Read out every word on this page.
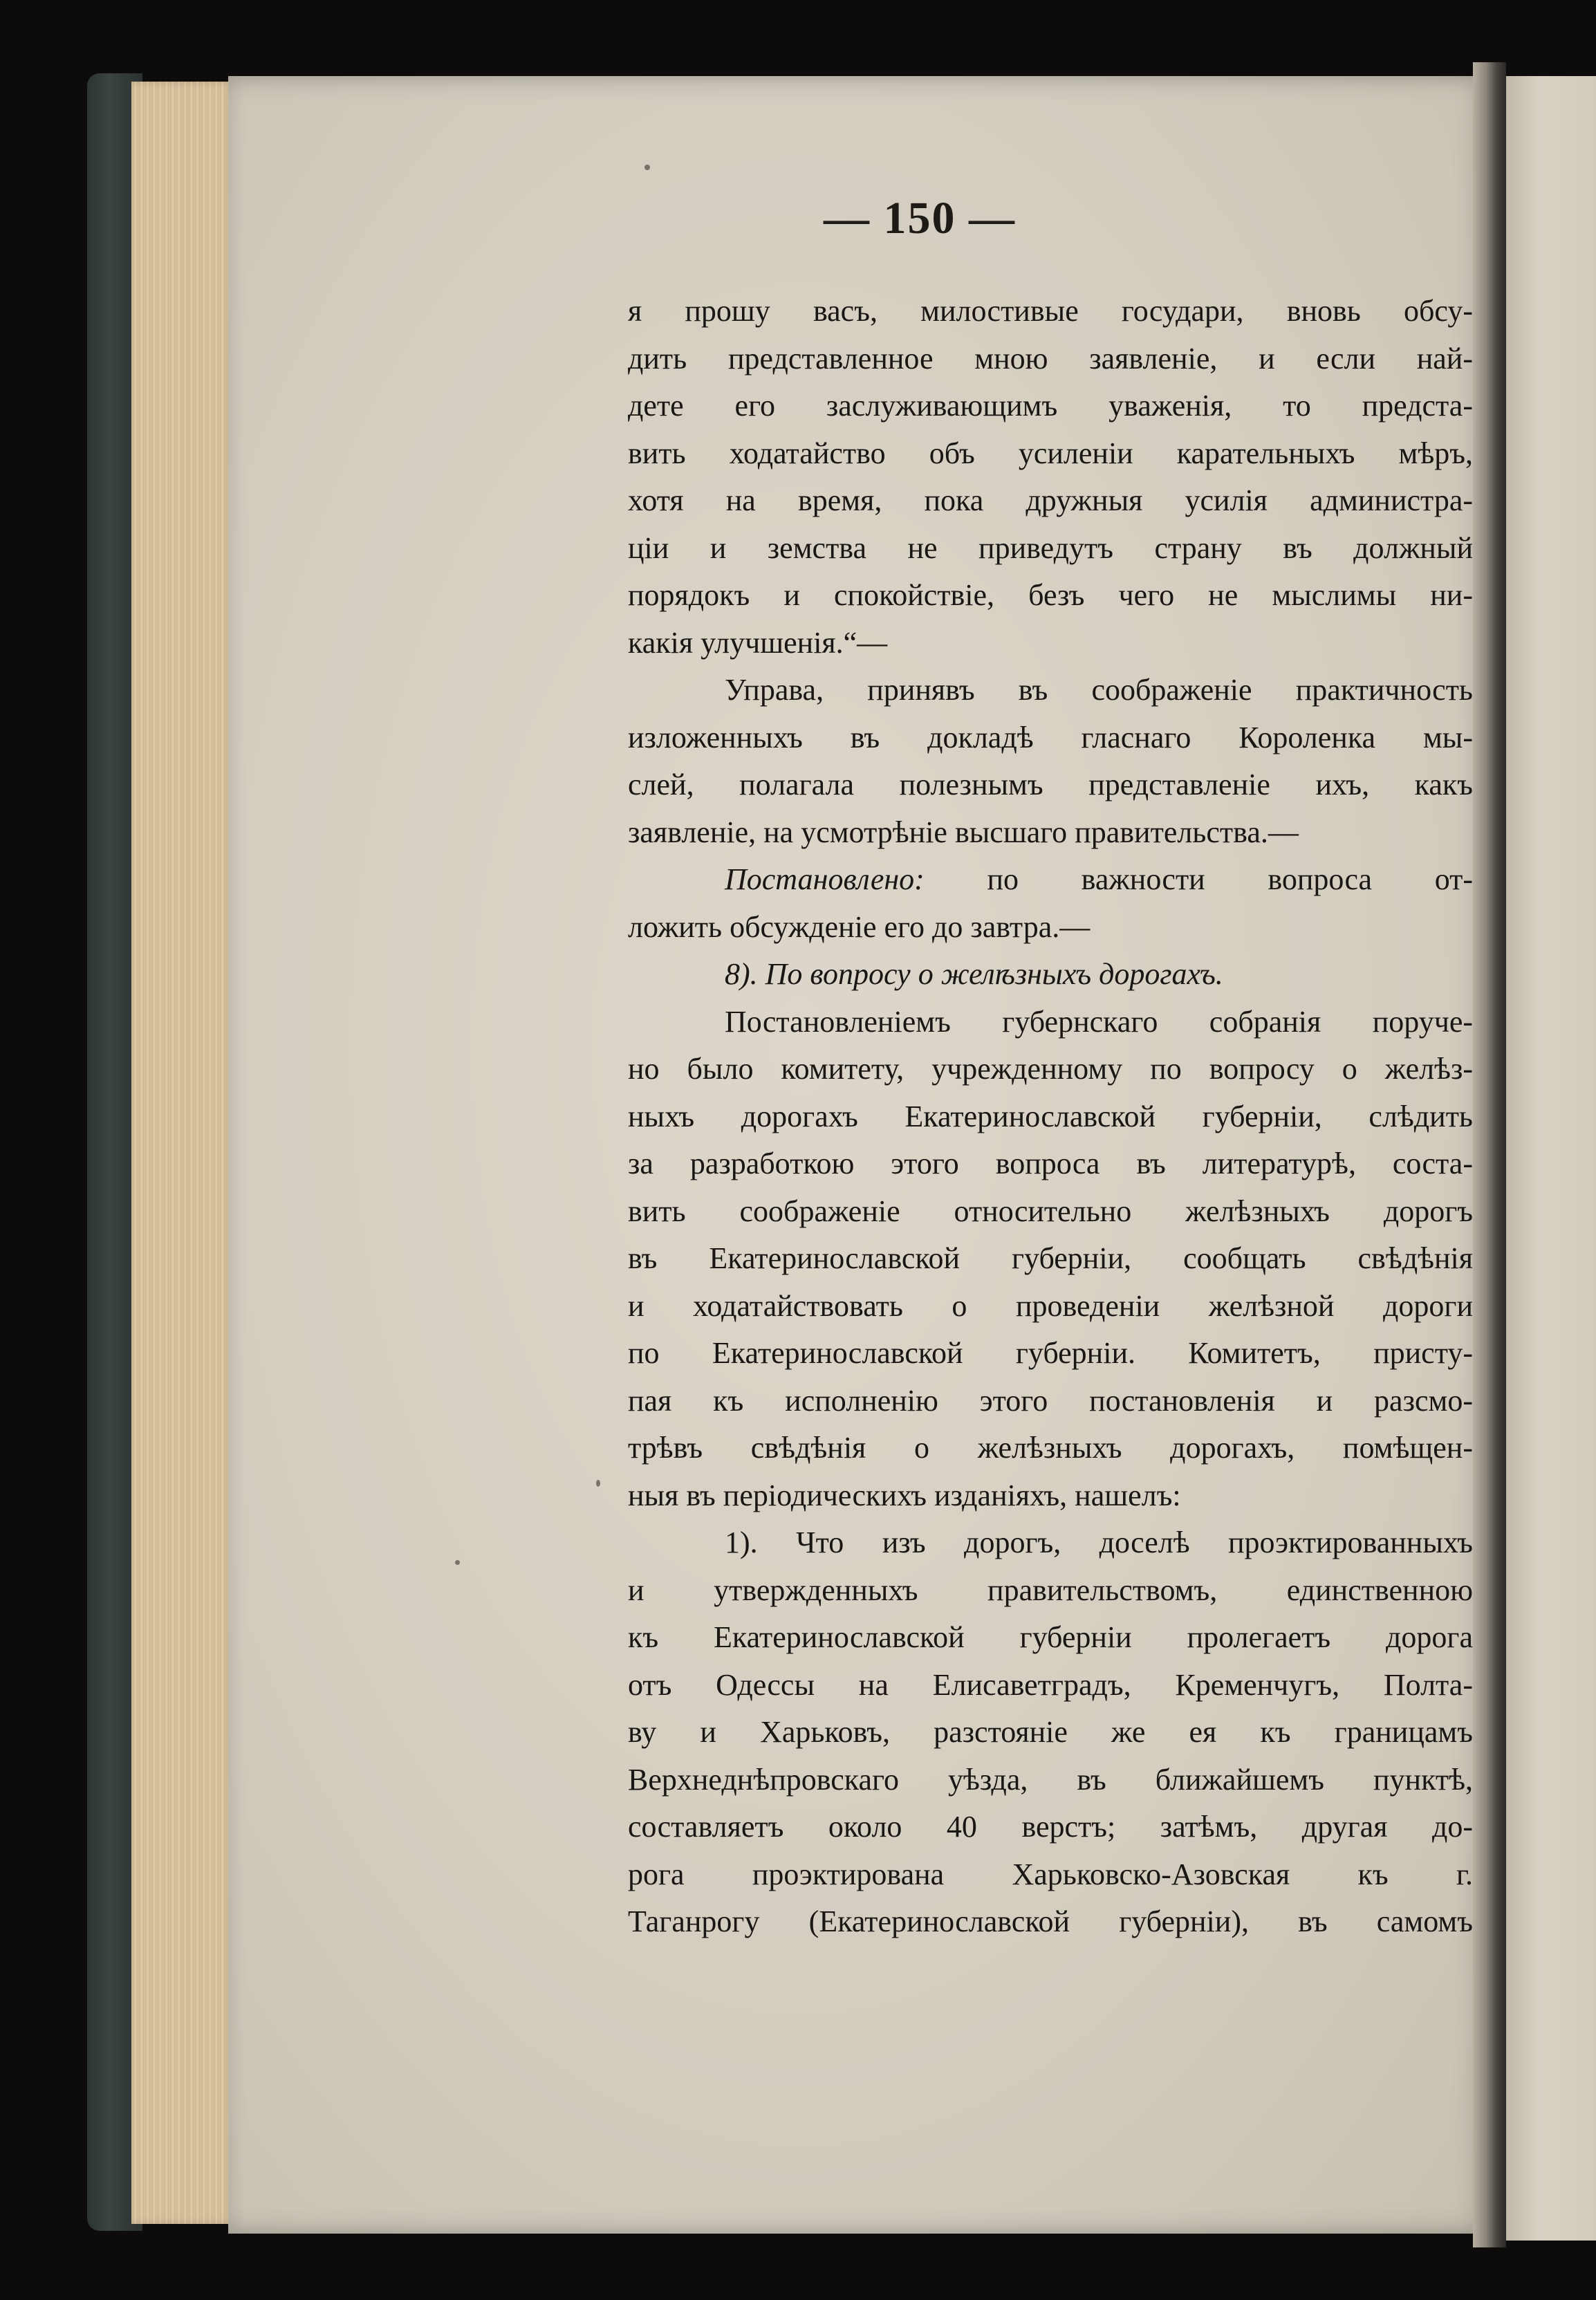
— 150 —
я прошу васъ, милостивые государи, вновь обсу-
дить представленное мною заявленіе, и если най-
дете его заслуживающимъ уваженія, то предста-
вить ходатайство объ усиленіи карательныхъ мѣръ,
хотя на время, пока дружныя усилія администра-
ціи и земства не приведутъ страну въ должный
порядокъ и спокойствіе, безъ чего не мыслимы ни-
какія улучшенія.“—
Управа, принявъ въ соображеніе практичность
изложенныхъ въ докладѣ гласнаго Короленка мы-
слей, полагала полезнымъ представленіе ихъ, какъ
заявленіе, на усмотрѣніе высшаго правительства.—
Постановлено: по важности вопроса от-
ложить обсужденіе его до завтра.—
8). По вопросу о желѣзныхъ дорогахъ.
Постановленіемъ губернскаго собранія поруче-
но было комитету, учрежденному по вопросу о желѣз-
ныхъ дорогахъ Екатеринославской губерніи, слѣдить
за разработкою этого вопроса въ литературѣ, соста-
вить соображеніе относительно желѣзныхъ дорогъ
въ Екатеринославской губерніи, сообщать свѣдѣнія
и ходатайствовать о проведеніи желѣзной дороги
по Екатеринославской губерніи. Комитетъ, присту-
пая къ исполненію этого постановленія и разсмо-
трѣвъ свѣдѣнія о желѣзныхъ дорогахъ, помѣщен-
ныя въ періодическихъ изданіяхъ, нашелъ:
1). Что изъ дорогъ, доселѣ проэктированныхъ
и утвержденныхъ правительствомъ, единственною
къ Екатеринославской губерніи пролегаетъ дорога
отъ Одессы на Елисаветградъ, Кременчугъ, Полта-
ву и Харьковъ, разстояніе же ея къ границамъ
Верхнеднѣпровскаго уѣзда, въ ближайшемъ пунктѣ,
составляетъ около 40 верстъ; затѣмъ, другая до-
рога проэктирована Харьковско-Азовская къ г.
Таганрогу (Екатеринославской губерніи), въ самомъ
